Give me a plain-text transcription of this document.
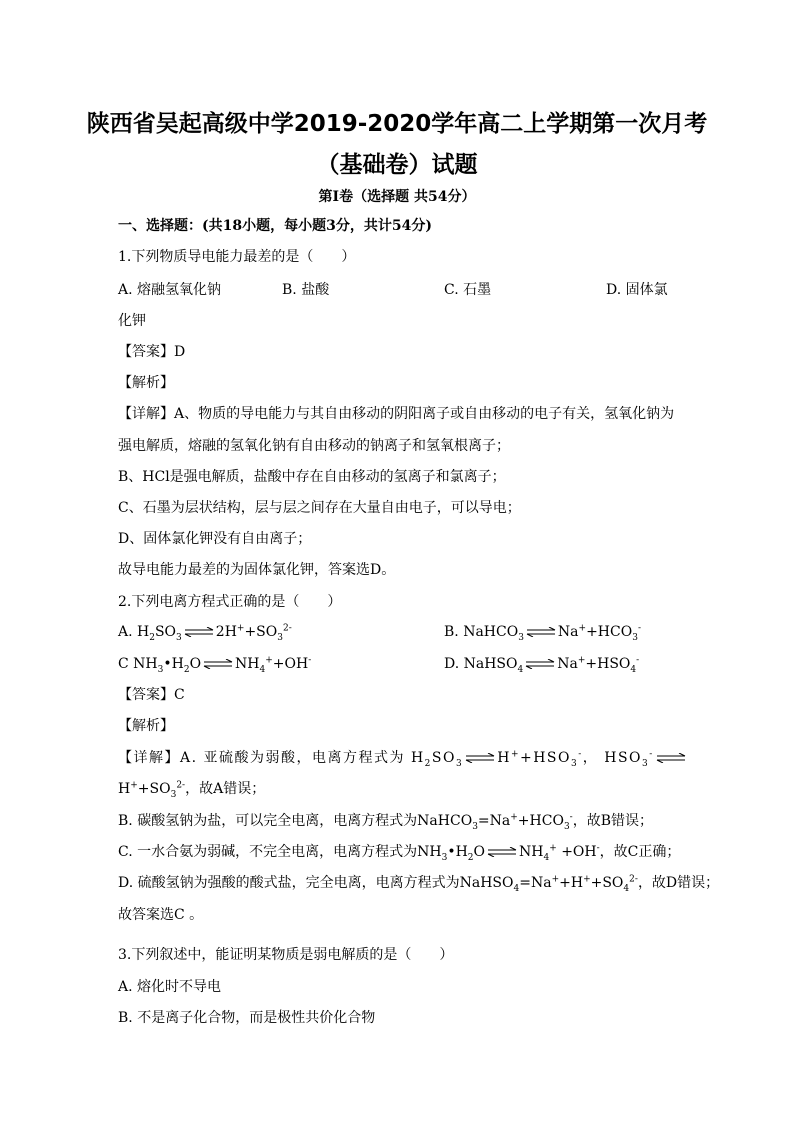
陕西省吴起高级中学2019-2020学年高二上学期第一次月考
（基础卷）试题
第Ⅰ卷（选择题 共54分）
一、选择题：(共18小题，每小题3分，共计54分)
1.下列物质导电能力最差的是（　　）
A. 熔融氢氧化钠	B. 盐酸	C. 石墨	D. 固体氯
化钾
【答案】D
【解析】
【详解】A、物质的导电能力与其自由移动的阴阳离子或自由移动的电子有关，氢氧化钠为
强电解质，熔融的氢氧化钠有自由移动的钠离子和氢氧根离子；
B、HCl是强电解质，盐酸中存在自由移动的氢离子和氯离子；
C、石墨为层状结构，层与层之间存在大量自由电子，可以导电；
D、固体氯化钾没有自由离子；
故导电能力最差的为固体氯化钾，答案选D。
2.下列电离方程式正确的是（　　）
A. $H_2SO_3$ ⇌ $2H^++SO_3^{2-}$	B. NaHCO$_3$ ⇌ $Na^++HCO_3^-$
C $NH_3•H_2O$ ⇌ $NH_4^++OH^-$	D. NaHSO$_4$ ⇌ $Na^++HSO_4^-$
【答案】C
【解析】
【详解】A. 亚硫酸为弱酸，电离方程式为 $H_2SO_3$ ⇌ $H^++HSO_3^-$， $HSO_3^-$ ⇌
$H^++SO_3^{2-}$，故A错误；
B. 碳酸氢钠为盐，可以完全电离，电离方程式为$NaHCO_3=Na^++HCO_3^-$，故B错误；
C. 一水合氨为弱碱，不完全电离，电离方程式为$NH_3•H_2O$ ⇌ $NH_4^+ +OH^-$，故C正确；
D. 硫酸氢钠为强酸的酸式盐，完全电离，电离方程式为$NaHSO_4=Na^++H^++SO_4^{2-}$，故D错误；
故答案选C 。
3.下列叙述中，能证明某物质是弱电解质的是（　　）
A. 熔化时不导电
B. 不是离子化合物，而是极性共价化合物
